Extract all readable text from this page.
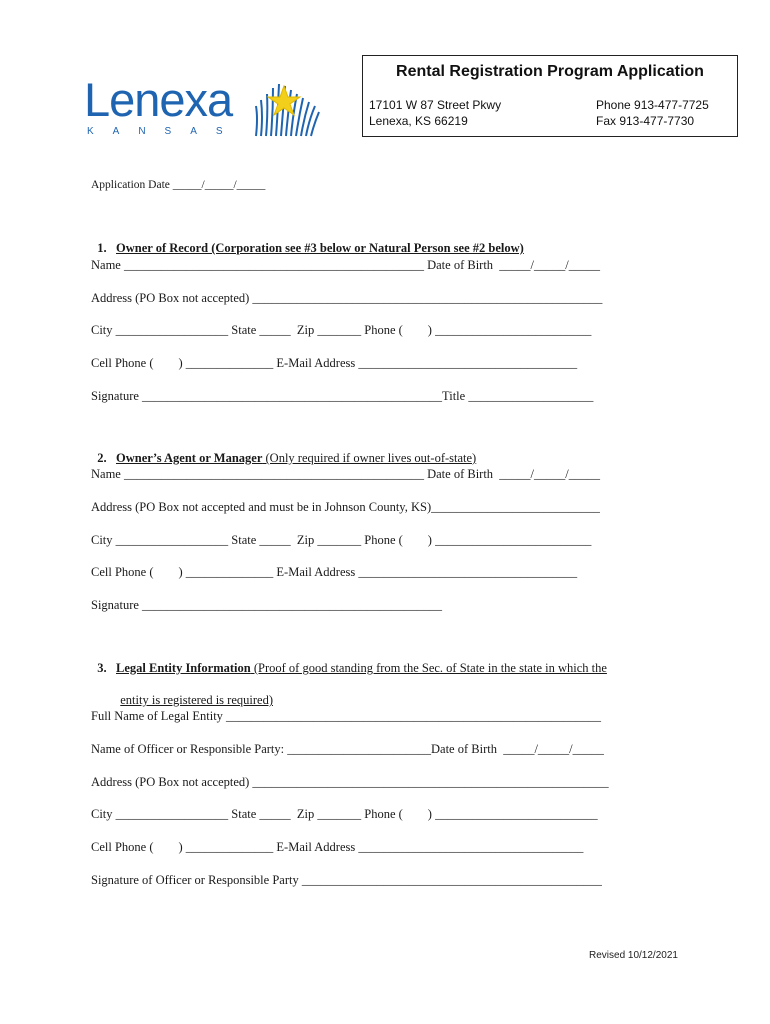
Lenexa
KANSAS
Rental Registration Program Application
17101 W 87 Street Pkwy
Lenexa, KS 66219
Phone 913-477-7725
Fax 913-477-7730
Application Date _____/_____/_____

1. Owner of Record (Corporation see #3 below or Natural Person see #2 below)

Name ________________________________________________ Date of Birth  _____/_____/_____
Address (PO Box not accepted) ________________________________________________________
City __________________ State _____  Zip _______ Phone (        ) _________________________
Cell Phone (        ) ______________ E-Mail Address ___________________________________
Signature ________________________________________________Title ____________________

2. Owner’s Agent or Manager (Only required if owner lives out-of-state)

Name ________________________________________________ Date of Birth  _____/_____/_____
Address (PO Box not accepted and must be in Johnson County, KS)___________________________
City __________________ State _____  Zip _______ Phone (        ) _________________________
Cell Phone (        ) ______________ E-Mail Address ___________________________________
Signature ________________________________________________

3. Legal Entity Information (Proof of good standing from the Sec. of State in the state in which the

entity is registered is required)

Full Name of Legal Entity ____________________________________________________________
Name of Officer or Responsible Party: _______________________Date of Birth  _____/_____/_____
Address (PO Box not accepted) _________________________________________________________
City __________________ State _____  Zip _______ Phone (        ) __________________________
Cell Phone (        ) ______________ E-Mail Address ____________________________________
Signature of Officer or Responsible Party ________________________________________________
Revised 10/12/2021
